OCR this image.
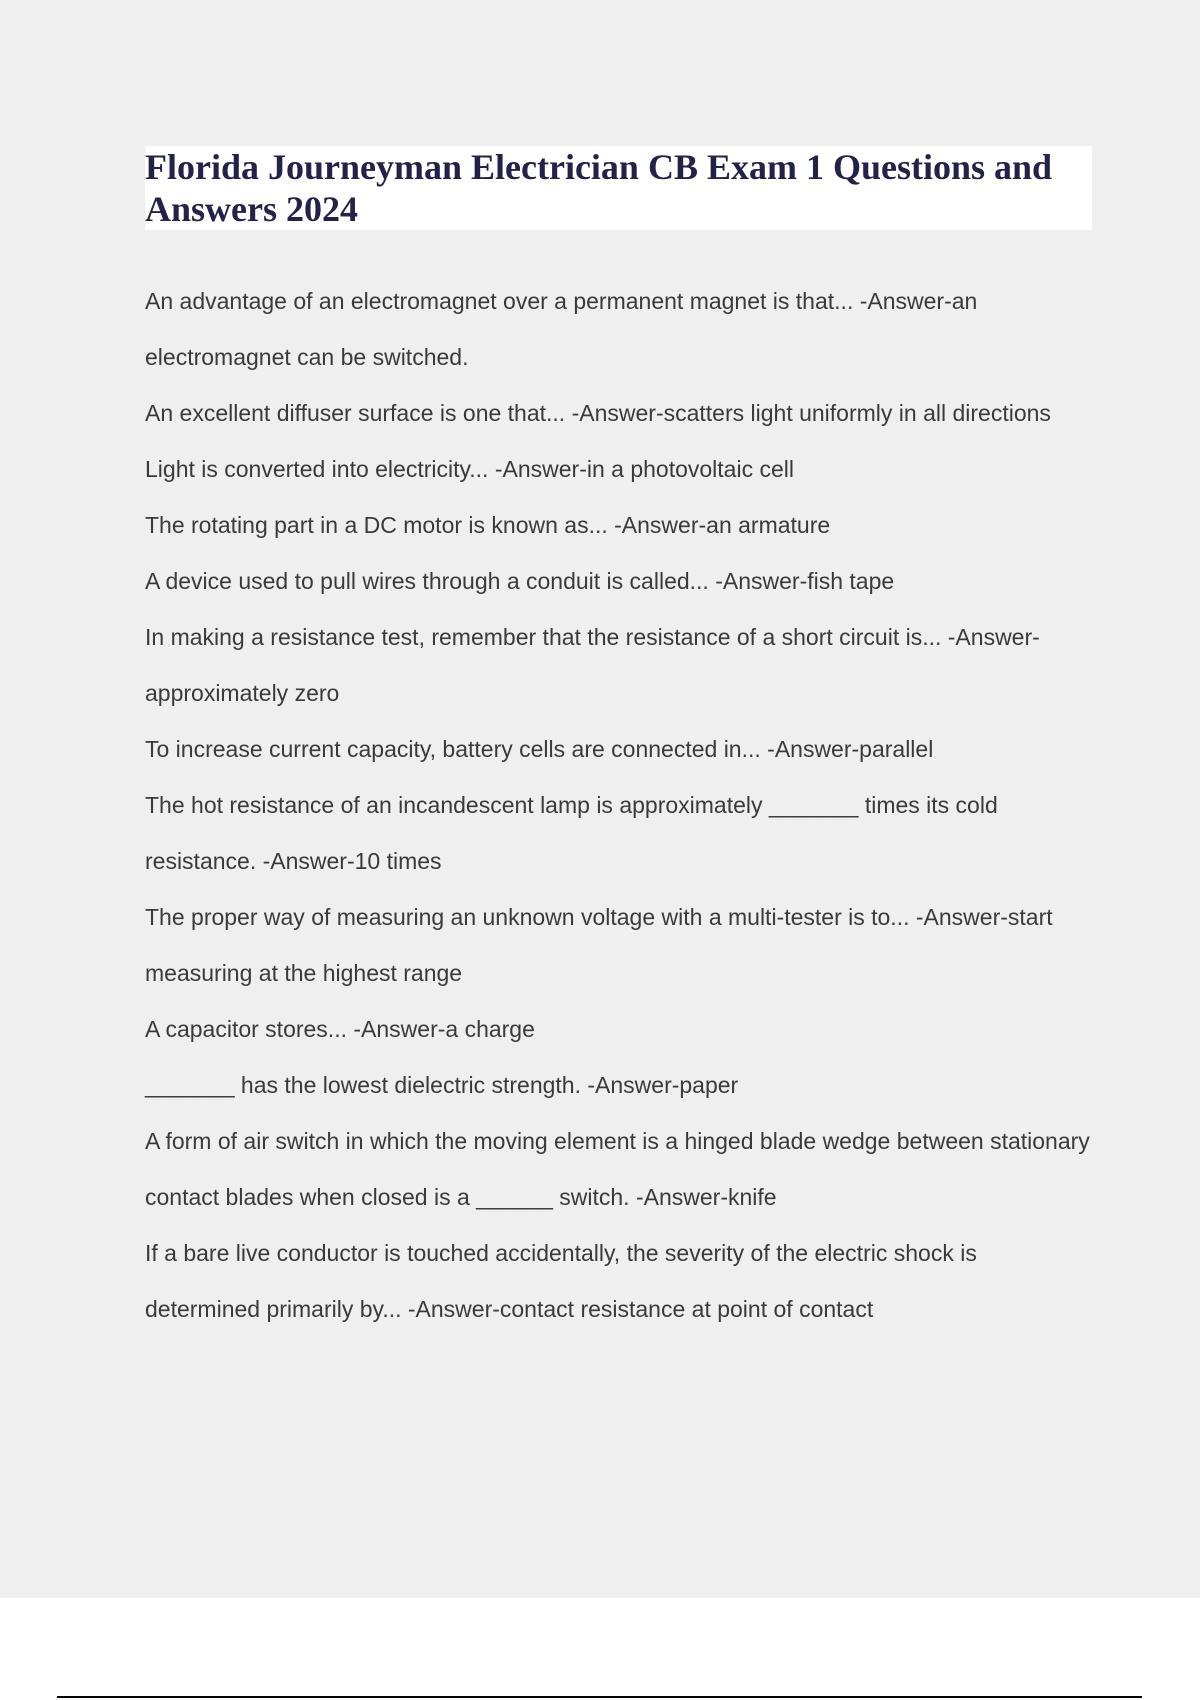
Florida Journeyman Electrician CB Exam 1 Questions and Answers 2024

An advantage of an electromagnet over a permanent magnet is that... -Answer-an electromagnet can be switched.

An excellent diffuser surface is one that... -Answer-scatters light uniformly in all directions

Light is converted into electricity... -Answer-in a photovoltaic cell

The rotating part in a DC motor is known as... -Answer-an armature

A device used to pull wires through a conduit is called... -Answer-fish tape

In making a resistance test, remember that the resistance of a short circuit is... -Answer-approximately zero

To increase current capacity, battery cells are connected in... -Answer-parallel

The hot resistance of an incandescent lamp is approximately _______ times its cold resistance. -Answer-10 times

The proper way of measuring an unknown voltage with a multi-tester is to... -Answer-start measuring at the highest range

A capacitor stores... -Answer-a charge

_______ has the lowest dielectric strength. -Answer-paper

A form of air switch in which the moving element is a hinged blade wedge between stationary contact blades when closed is a ______ switch. -Answer-knife

If a bare live conductor is touched accidentally, the severity of the electric shock is determined primarily by... -Answer-contact resistance at point of contact
